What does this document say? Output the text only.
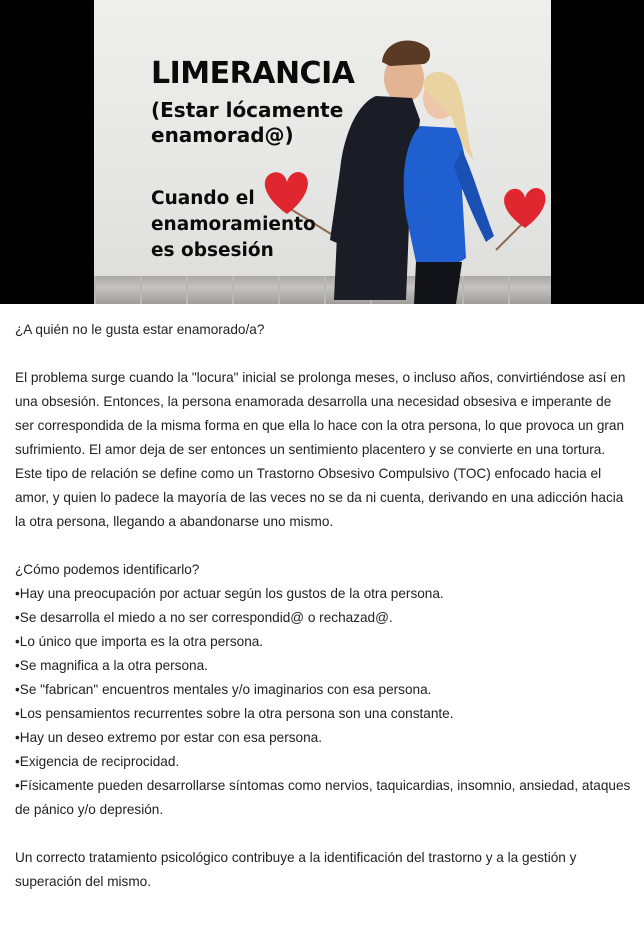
LIMERANCIA
(Estar lócamente
enamorad@)
Cuando el
enamoramiento
es obsesión

¿A quién no le gusta estar enamorado/a?

El problema surge cuando la "locura" inicial se prolonga meses, o incluso años, convirtiéndose así en una obsesión. Entonces, la persona enamorada desarrolla una necesidad obsesiva e imperante de ser correspondida de la misma forma en que ella lo hace con la otra persona, lo que provoca un gran sufrimiento. El amor deja de ser entonces un sentimiento placentero y se convierte en una tortura.

Este tipo de relación se define como un Trastorno Obsesivo Compulsivo (TOC) enfocado hacia el amor, y quien lo padece la mayoría de las veces no se da ni cuenta, derivando en una adicción hacia la otra persona, llegando a abandonarse uno mismo.

¿Cómo podemos identificarlo?

•Hay una preocupación por actuar según los gustos de la otra persona.

•Se desarrolla el miedo a no ser correspondid@ o rechazad@.

•Lo único que importa es la otra persona.

•Se magnifica a la otra persona.

•Se "fabrican" encuentros mentales y/o imaginarios con esa persona.

•Los pensamientos recurrentes sobre la otra persona son una constante.

•Hay un deseo extremo por estar con esa persona.

•Exigencia de reciprocidad.

•Físicamente pueden desarrollarse síntomas como nervios, taquicardias, insomnio, ansiedad, ataques de pánico y/o depresión.

Un correcto tratamiento psicológico contribuye a la identificación del trastorno y a la gestión y superación del mismo.
